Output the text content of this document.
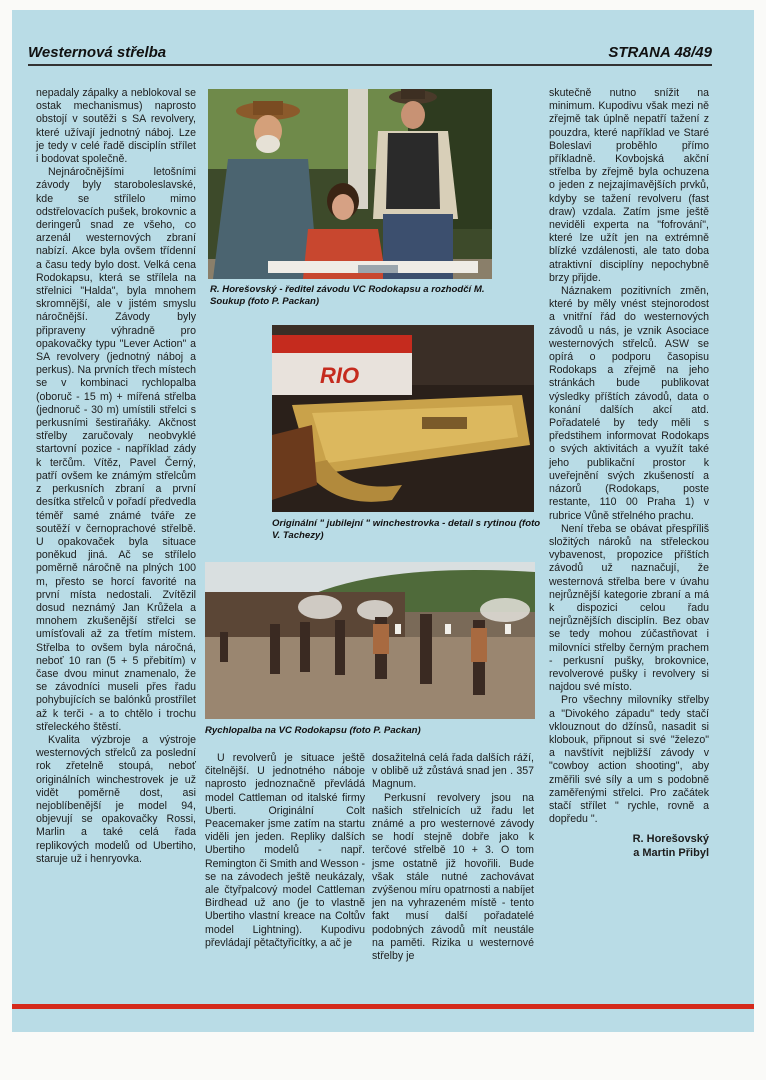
Westernová střelba	STRANA 48/49

nepadaly zápalky a neblokoval se ostak mechanismus) naprosto obstojí v soutěži s SA revolvery, které užívají jednotný náboj. Lze je tedy v celé řadě disciplín střílet i bodovat společně.

Nejnáročnějšími letošními závody byly staroboleslavské, kde se střílelo mimo odstřelovacích pušek, brokovnic a deringerů snad ze všeho, co arzenál westernových zbraní nabízí. Akce byla ovšem třídenní a času tedy bylo dost. Velká cena Rodokapsu, která se střílela na střelnici "Halda", byla mnohem skromnější, ale v jistém smyslu náročnější. Závody byly připraveny výhradně pro opakovačky typu "Lever Action" a SA revolvery (jednotný náboj a perkus). Na prvních třech místech se v kombinaci rychlopalba (oboruč - 15 m) + mířená střelba (jednoruč - 30 m) umístili střelci s perkusními šestiraňáky. Akčnost střelby zaručovaly neobvyklé startovní pozice - například zády k terčům. Vítěz, Pavel Černý, patří ovšem ke známým střelcům z perkusních zbraní a první desítka střelců v pořadí předvedla téměř samé známé tváře ze soutěží v černoprachové střelbě. U opakovaček byla situace poněkud jiná. Ač se střílelo poměrně náročně na plných 100 m, přesto se horcí favorité na první místa nedostali. Zvítězil dosud neznámý Jan Krůžela a mnohem zkušenější střelci se umísťovali až za třetím místem. Střelba to ovšem byla náročná, neboť 10 ran (5 + 5 přebitím) v čase dvou minut znamenalo, že se závodníci museli přes řadu pohybujících se balónků prostřílet až k terči - a to chtělo i trochu střeleckého štěstí.

Kvalita výzbroje a výstroje westernových střelců za poslední rok zřetelně stoupá, neboť originálních winchestrovek je už vidět poměrně dost, asi nejoblíbenější je model 94, objevují se opakovačky Rossi, Marlin a také celá řada replikových modelů od Ubertiho, staruje už i henryovka.

R. Horešovský - ředitel závodu VC Rodokapsu a rozhodčí M. Soukup (foto P. Packan)
RIO
Originální " jubilejní " winchestrovka - detail s rytinou (foto V. Tachezy)
Rychlopalba na VC Rodokapsu (foto P. Packan)

U revolverů je situace ještě čitelnější. U jednotného náboje naprosto jednoznačně převládá model Cattleman od italské firmy Uberti. Originální Colt Peacemaker jsme zatím na startu viděli jen jeden. Repliky dalších Ubertiho modelů - např. Remington či Smith and Wesson - se na závodech ještě neukázaly, ale čtyřpalcový model Cattleman Birdhead už ano (je to vlastně Ubertiho vlastní kreace na Coltův model Lightning). Kupodivu převládají pětačtyřicítky, a ač je

dosažitelná celá řada dalších ráží, v oblibě už zůstává snad jen . 357 Magnum.

Perkusní revolvery jsou na našich střelnicích už řadu let známé a pro westernové závody se hodí stejně dobře jako k terčové střelbě 10 + 3. O tom jsme ostatně již hovořili. Bude však stále nutné zachovávat zvýšenou míru opatrnosti a nabíjet jen na vyhrazeném místě - tento fakt musí další pořadatelé podobných závodů mít neustále na paměti. Rizika u westernové střelby je

skutečně nutno snížit na minimum. Kupodivu však mezi ně zřejmě tak úplně nepatří tažení z pouzdra, které například ve Staré Boleslavi proběhlo přímo příkladně. Kovbojská akční střelba by zřejmě byla ochuzena o jeden z nejzajímavějších prvků, kdyby se tažení revolveru (fast draw) vzdala. Zatím jsme ještě neviděli experta na "fofrování", které lze užít jen na extrémně blízké vzdálenosti, ale tato doba atraktivní disciplíny nepochybně brzy přijde.

Náznakem pozitivních změn, které by měly vnést stejnorodost a vnitřní řád do westernových závodů u nás, je vznik Asociace westernových střelců. ASW se opírá o podporu časopisu Rodokaps a zřejmě na jeho stránkách bude publikovat výsledky příštích závodů, data o konání dalších akcí atd. Pořadatelé by tedy měli s předstihem informovat Rodokaps o svých aktivitách a využít také jeho publikační prostor k uveřejnění svých zkušeností a názorů (Rodokaps, poste restante, 110 00 Praha 1) v rubrice Vůně střelného prachu.

Není třeba se obávat přespříliš složitých nároků na střeleckou vybavenost, propozice příštích závodů už naznačují, že westernová střelba bere v úvahu nejrůznější kategorie zbraní a má k dispozici celou řadu nejrůznějších disciplín. Bez obav se tedy mohou zúčastňovat i milovníci střelby černým prachem - perkusní pušky, brokovnice, revolverové pušky i revolvery si najdou své místo.

Pro všechny milovníky střelby a "Divokého západu" tedy stačí vklouznout do džínsů, nasadit si klobouk, připnout si své "železo" a navštívit nejbližší závody v "cowboy action shooting", aby změřili své síly a um s podobně zaměřenými střelci. Pro začátek stačí střílet " rychle, rovně a dopředu ".

R. Horešovský
a Martin Přibyl
